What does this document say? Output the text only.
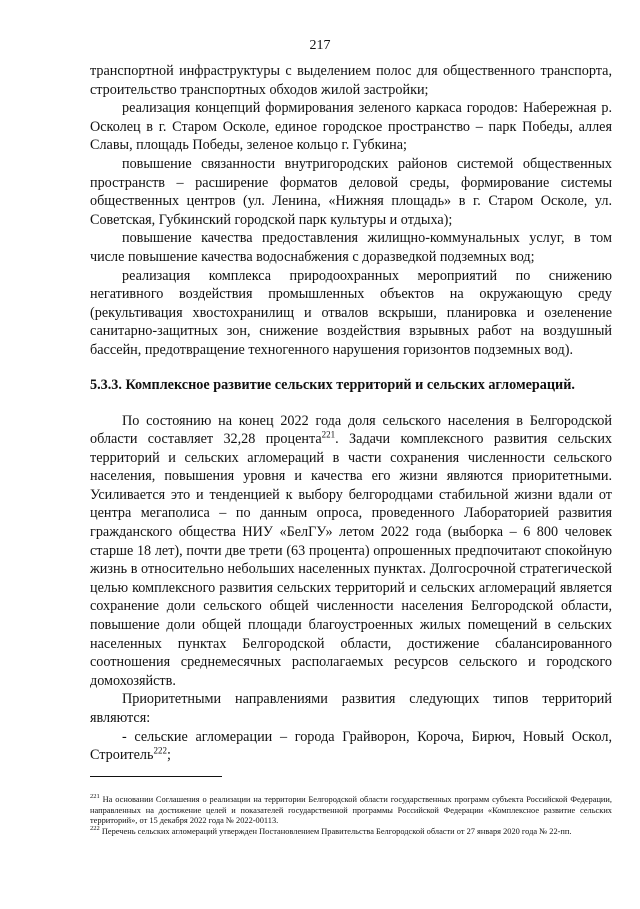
217

транспортной инфраструктуры с выделением полос для общественного транспорта, строительство транспортных обходов жилой застройки;

реализация концепций формирования зеленого каркаса городов: Набережная р. Осколец в г. Старом Осколе, единое городское пространство – парк Победы, аллея Славы, площадь Победы, зеленое кольцо г. Губкина;

повышение связанности внутригородских районов системой общественных пространств – расширение форматов деловой среды, формирование системы общественных центров (ул. Ленина, «Нижняя площадь» в г. Старом Осколе, ул. Советская, Губкинский городской парк культуры и отдыха);

повышение качества предоставления жилищно-коммунальных услуг, в том числе повышение качества водоснабжения с доразведкой подземных вод;

реализация комплекса природоохранных мероприятий по снижению негативного воздействия промышленных объектов на окружающую среду (рекультивация хвостохранилищ и отвалов вскрыши, планировка и озеленение санитарно-защитных зон, снижение воздействия взрывных работ на воздушный бассейн, предотвращение техногенного нарушения горизонтов подземных вод).

5.3.3. Комплексное развитие сельских территорий и сельских агломераций.

По состоянию на конец 2022 года доля сельского населения в Белгородской области составляет 32,28 процента$^{221}$. Задачи комплексного развития сельских территорий и сельских агломераций в части сохранения численности сельского населения, повышения уровня и качества его жизни являются приоритетными. Усиливается это и тенденцией к выбору белгородцами стабильной жизни вдали от центра мегаполиса – по данным опроса, проведенного Лабораторией развития гражданского общества НИУ «БелГУ» летом 2022 года (выборка – 6 800 человек старше 18 лет), почти две трети (63 процента) опрошенных предпочитают спокойную жизнь в относительно небольших населенных пунктах. Долгосрочной стратегической целью комплексного развития сельских территорий и сельских агломераций является сохранение доли сельского общей численности населения Белгородской области, повышение доли общей площади благоустроенных жилых помещений в сельских населенных пунктах Белгородской области, достижение сбалансированного соотношения среднемесячных располагаемых ресурсов сельского и городского домохозяйств.

Приоритетными направлениями развития следующих типов территорий являются:

- сельские агломерации – города Грайворон, Короча, Бирюч, Новый Оскол, Строитель$^{222}$;

$^{221}$ На основании Соглашения о реализации на территории Белгородской области государственных программ субъекта Российской Федерации, направленных на достижение целей и показателей государственной программы Российской Федерации «Комплексное развитие сельских территорий», от 15 декабря 2022 года № 2022-00113.
$^{222}$ Перечень сельских агломераций утвержден Постановлением Правительства Белгородской области от 27 января 2020 года № 22-пп.
